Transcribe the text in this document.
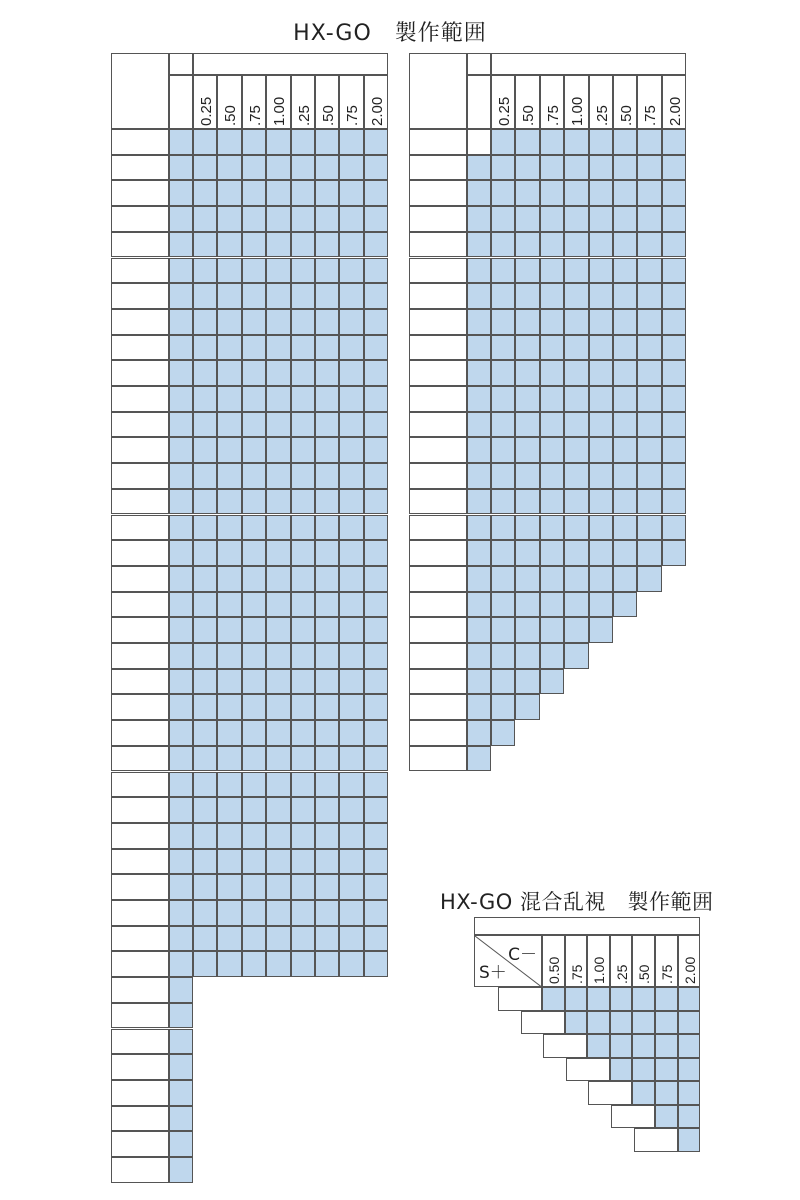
HX-GO　製作範囲
HX-GO 混合乱視　製作範囲
0.25 .50 .75 1.00 .25 .50 .75 2.00	0.25 .50 .75 1.00 .25 .50 .75 2.00
C－
S＋	0.50 .75 1.00 .25 .50 .75 2.00
